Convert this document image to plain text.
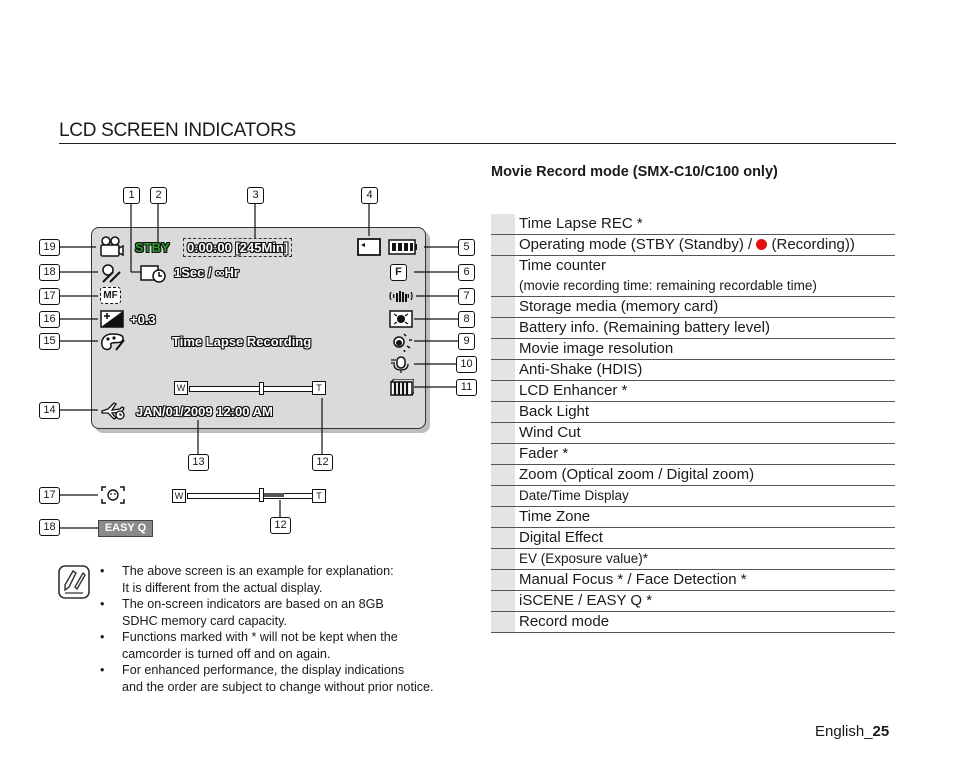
LCD SCREEN INDICATORS
Movie Record mode (SMX-C10/C100 only)
Time Lapse REC *
Operating mode (STBY (Standby) /  (Recording))
Time counter
(movie recording time: remaining recordable time)
Storage media (memory card)
Battery info. (Remaining battery level)
Movie image resolution
Anti-Shake (HDIS)
LCD Enhancer *
Back Light
Wind Cut
Fader *
Zoom (Optical zoom / Digital zoom)
Date/Time Display
Time Zone
Digital Effect
EV (Exposure value)*
Manual Focus * / Face Detection *
iSCENE / EASY Q *
Record mode
STBY	0:00:00 [245Min]
1Sec / ∞Hr	F
MF
+0.3
Time Lapse Recording
W	T
JAN/01/2009 12:00 AM
W	T
EASY Q
1	2	3	4
5
6
7
8
9
10
11
19
18
17
16
15
14
13	12
17
18	12
• The above screen is an example for explanation:
It is different from the actual display.
• The on-screen indicators are based on an 8GB
SDHC memory card capacity.
• Functions marked with * will not be kept when the
camcorder is turned off and on again.
• For enhanced performance, the display indications
and the order are subject to change without prior notice.
English_25
